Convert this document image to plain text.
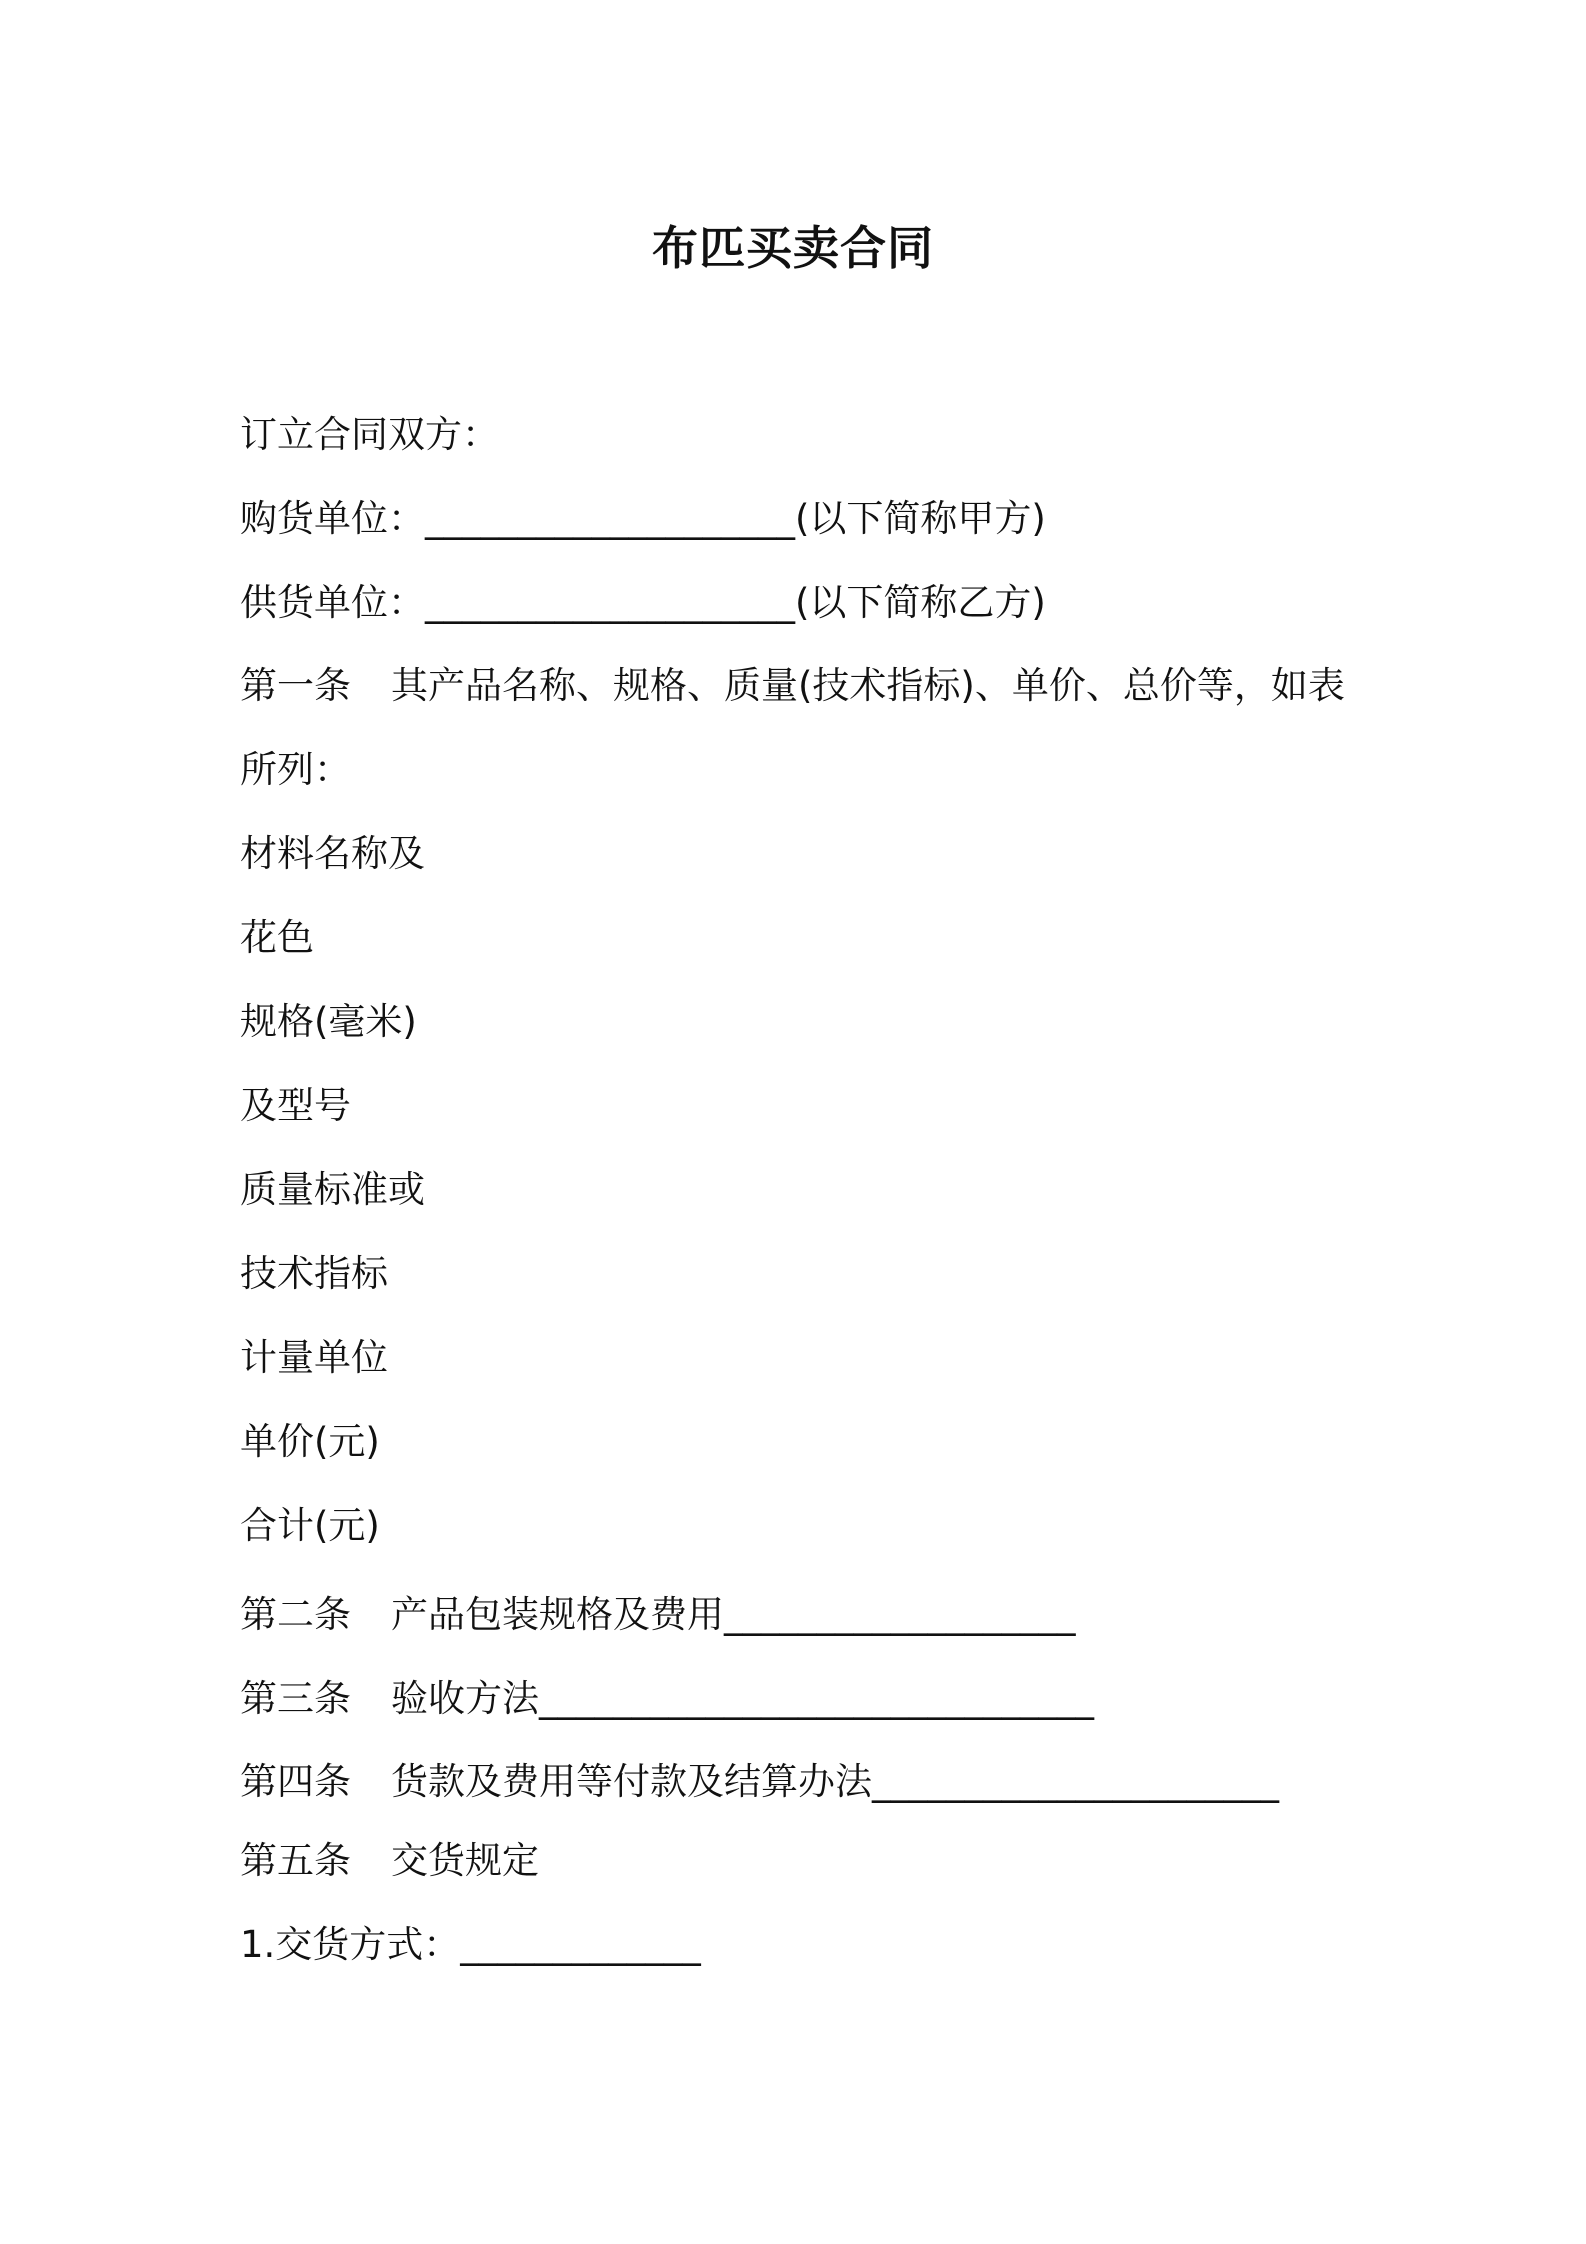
布匹买卖合同

订立合同双方：

购货单位：____________________(以下简称甲方)

供货单位：____________________(以下简称乙方)

第一条 其产品名称、规格、质量(技术指标)、单价、总价等，如表

所列：

材料名称及

花色

规格(毫米)

及型号

质量标准或

技术指标

计量单位

单价(元)

合计(元)

第二条 产品包装规格及费用___________________

第三条 验收方法______________________________

第四条 货款及费用等付款及结算办法______________________

第五条 交货规定

1.交货方式：_____________
